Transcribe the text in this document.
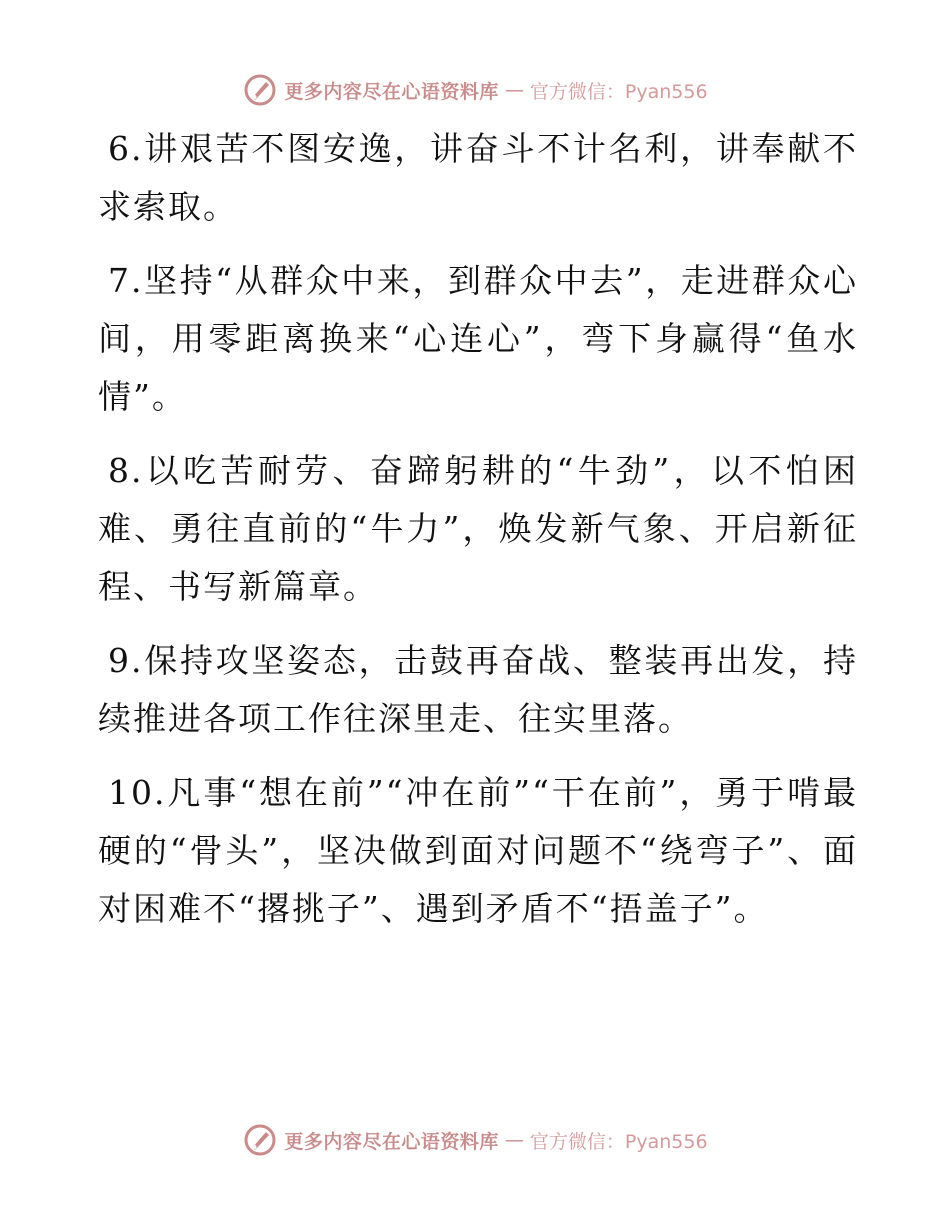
更多内容尽在心语资料库 — 官方微信：Pyan556

6.讲艰苦不图安逸，讲奋斗不计名利，讲奉献不求索取。

7.坚持“从群众中来，到群众中去”，走进群众心间，用零距离换来“心连心”，弯下身赢得“鱼水情”。

8.以吃苦耐劳、奋蹄躬耕的“牛劲”，以不怕困难、勇往直前的“牛力”，焕发新气象、开启新征程、书写新篇章。

9.保持攻坚姿态，击鼓再奋战、整装再出发，持续推进各项工作往深里走、往实里落。

10.凡事“想在前”“冲在前”“干在前”，勇于啃最硬的“骨头”，坚决做到面对问题不“绕弯子”、面对困难不“撂挑子”、遇到矛盾不“捂盖子”。

更多内容尽在心语资料库 — 官方微信：Pyan556
